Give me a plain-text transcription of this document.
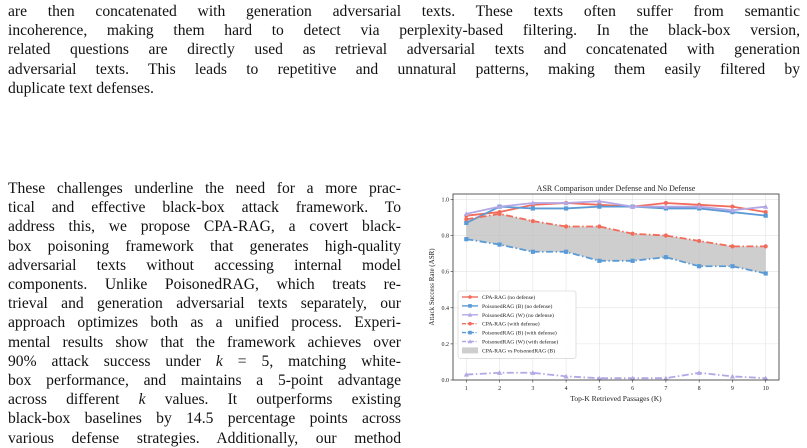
are then concatenated with generation adversarial texts. These texts often suffer from semantic
incoherence, making them hard to detect via perplexity-based filtering. In the black-box version,
related questions are directly used as retrieval adversarial texts and concatenated with generation
adversarial texts. This leads to repetitive and unnatural patterns, making them easily filtered by
duplicate text defenses.
These challenges underline the need for a more prac-
tical and effective black-box attack framework. To
address this, we propose CPA-RAG, a covert black-
box poisoning framework that generates high-quality
adversarial texts without accessing internal model
components. Unlike PoisonedRAG, which treats re-
trieval and generation adversarial texts separately, our
approach optimizes both as a unified process. Experi-
mental results show that the framework achieves over
90% attack success under k = 5, matching white-
box performance, and maintains a 5-point advantage
across different k values. It outperforms existing
black-box baselines by 14.5 percentage points across
various defense strategies. Additionally, our method
1	2	3	4	5	6	7	8	9	10
0.0
0.2
0.4
0.6
0.8
1.0
ASR Comparison under Defense and No Defense
Top-K Retrieved Passages (K)
Attack Success Rate (ASR)	CPA-RAG (no defense)
PoisonedRAG (B) (no defense)
PoisonedRAG (W) (no defense)
CPA-RAG (with defense)
PoisonedRAG (B) (with defense)
PoisonedRAG (W) (with defense)
CPA-RAG vs PoisonedRAG (B)
